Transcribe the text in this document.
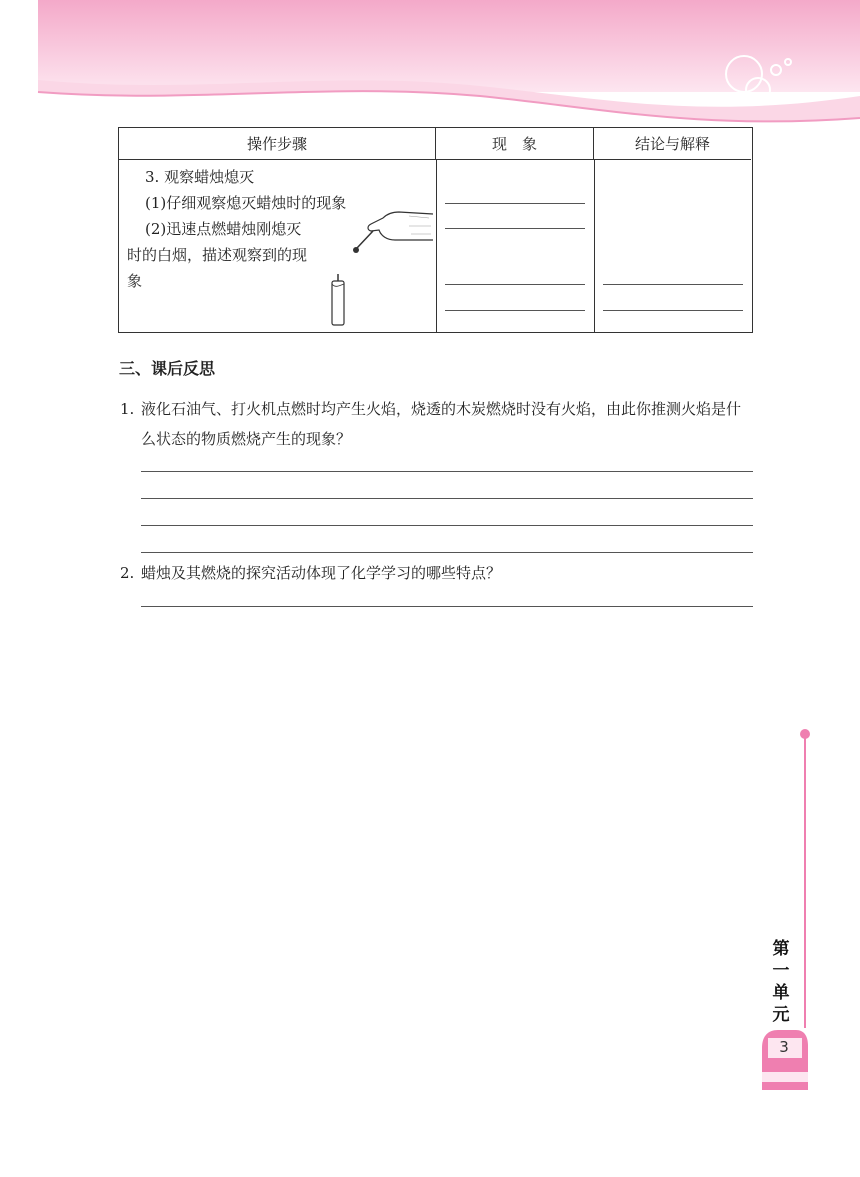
操作步骤	现　象	结论与解释
3. 观察蜡烛熄灭
(1)仔细观察熄灭蜡烛时的现象
(2)迅速点燃蜡烛刚熄灭
时的白烟，描述观察到的现
象
三、课后反思
1. 液化石油气、打火机点燃时均产生火焰，烧透的木炭燃烧时没有火焰，由此你推测火焰是什
么状态的物质燃烧产生的现象？
2. 蜡烛及其燃烧的探究活动体现了化学学习的哪些特点？
第
一
单
元
3
